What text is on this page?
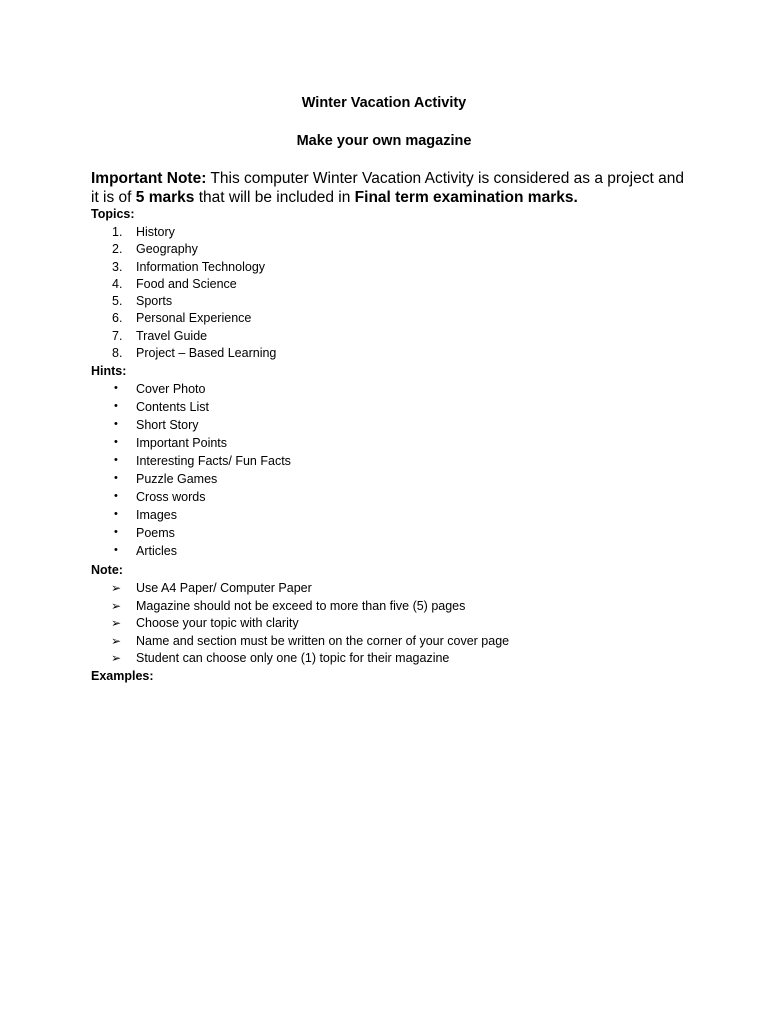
Winter Vacation Activity
Make your own magazine
Important Note: This computer Winter Vacation Activity is considered as a project and it is of 5 marks that will be included in Final term examination marks.
Topics:
1.	History
2.	Geography
3.	Information Technology
4.	Food and Science
5.	Sports
6.	Personal Experience
7.	Travel Guide
8.	Project – Based Learning
Hints:
•	Cover Photo
•	Contents List
•	Short Story
•	Important Points
•	Interesting Facts/ Fun Facts
•	Puzzle Games
•	Cross words
•	Images
•	Poems
•	Articles
Note:
➢	Use A4 Paper/ Computer Paper
➢	Magazine should not be exceed to more than five (5) pages
➢	Choose your topic with clarity
➢	Name and section must be written on the corner of your cover page
➢	Student can choose only one (1) topic for their magazine
Examples:
